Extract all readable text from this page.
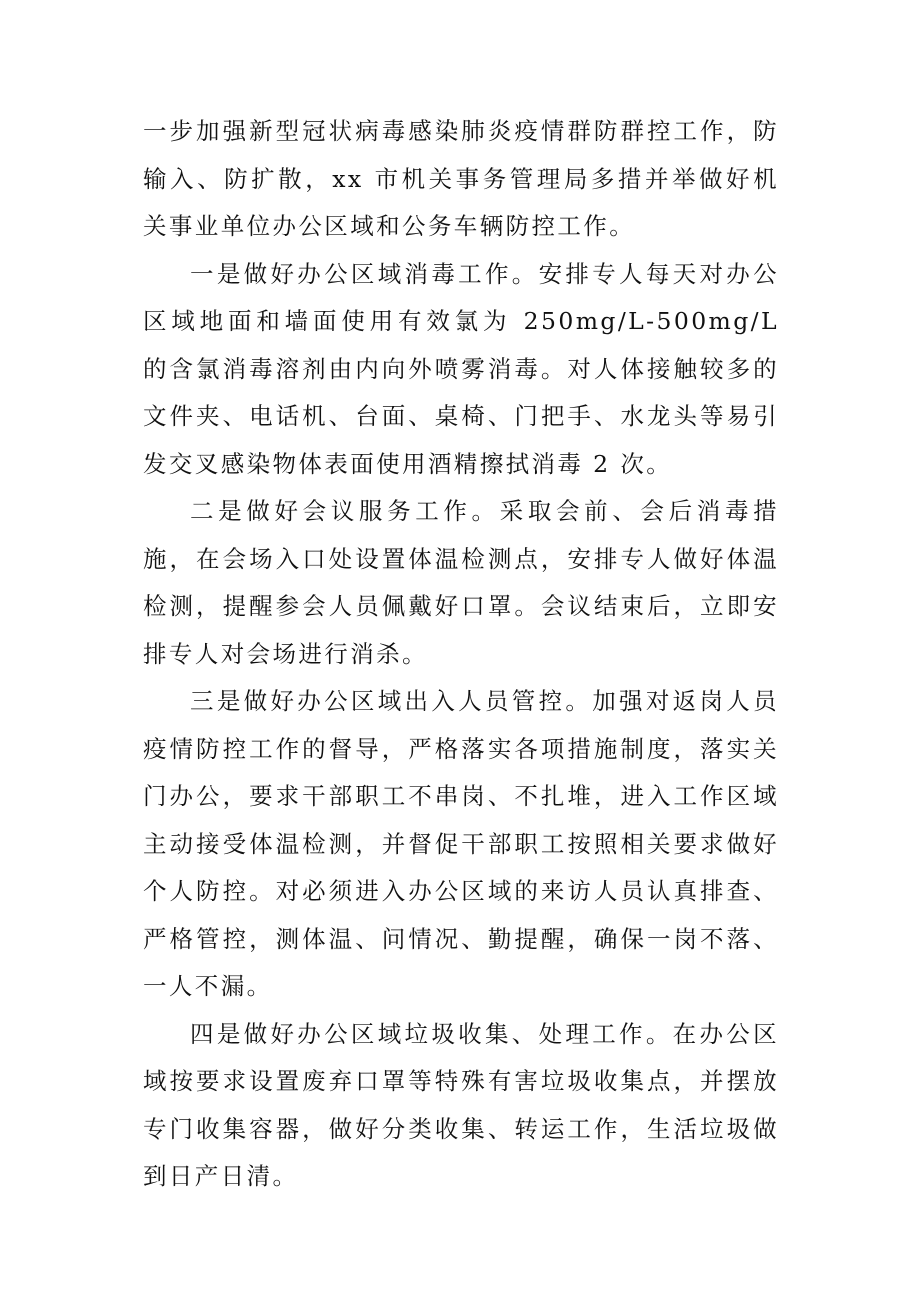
一步加强新型冠状病毒感染肺炎疫情群防群控工作，防输入、防扩散，xx 市机关事务管理局多措并举做好机关事业单位办公区域和公务车辆防控工作。

一是做好办公区域消毒工作。安排专人每天对办公区域地面和墙面使用有效氯为 250mg/L-500mg/L 的含氯消毒溶剂由内向外喷雾消毒。对人体接触较多的文件夹、电话机、台面、桌椅、门把手、水龙头等易引发交叉感染物体表面使用酒精擦拭消毒 2 次。

二是做好会议服务工作。采取会前、会后消毒措施，在会场入口处设置体温检测点，安排专人做好体温检测，提醒参会人员佩戴好口罩。会议结束后，立即安排专人对会场进行消杀。

三是做好办公区域出入人员管控。加强对返岗人员疫情防控工作的督导，严格落实各项措施制度，落实关门办公，要求干部职工不串岗、不扎堆，进入工作区域主动接受体温检测，并督促干部职工按照相关要求做好个人防控。对必须进入办公区域的来访人员认真排查、严格管控，测体温、问情况、勤提醒，确保一岗不落、一人不漏。

四是做好办公区域垃圾收集、处理工作。在办公区域按要求设置废弃口罩等特殊有害垃圾收集点，并摆放专门收集容器，做好分类收集、转运工作，生活垃圾做到日产日清。
